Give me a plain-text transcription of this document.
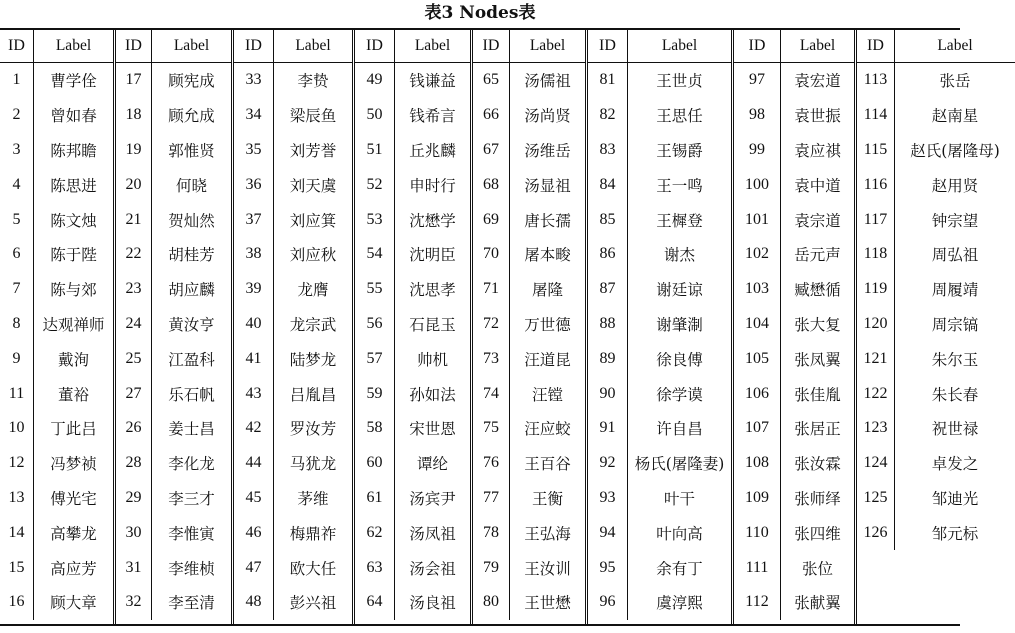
表3 Nodes表
ID	Label
1	曹学佺
2	曾如春
3	陈邦瞻
4	陈思进
5	陈文烛
6	陈于陛
7	陈与郊
8	达观禅师
9	戴洵
11	董裕
10	丁此吕
12	冯梦祯
13	傅光宅
14	高攀龙
15	高应芳
16	顾大章
ID	Label
17	顾宪成
18	顾允成
19	郭惟贤
20	何晓
21	贺灿然
22	胡桂芳
23	胡应麟
24	黄汝亨
25	江盈科
27	乐石帆
26	姜士昌
28	李化龙
29	李三才
30	李惟寅
31	李维桢
32	李至清
ID	Label
33	李贽
34	梁辰鱼
35	刘芳誉
36	刘天虞
37	刘应箕
38	刘应秋
39	龙膺
40	龙宗武
41	陆梦龙
43	吕胤昌
42	罗汝芳
44	马犹龙
45	茅维
46	梅鼎祚
47	欧大任
48	彭兴祖
ID	Label
49	钱谦益
50	钱希言
51	丘兆麟
52	申时行
53	沈懋学
54	沈明臣
55	沈思孝
56	石昆玉
57	帅机
59	孙如法
58	宋世恩
60	谭纶
61	汤宾尹
62	汤凤祖
63	汤会祖
64	汤良祖
ID	Label
65	汤儒祖
66	汤尚贤
67	汤维岳
68	汤显祖
69	唐长孺
70	屠本畯
71	屠隆
72	万世德
73	汪道昆
74	汪镗
75	汪应蛟
76	王百谷
77	王衡
78	王弘海
79	王汝训
80	王世懋
ID	Label
81	王世贞
82	王思任
83	王锡爵
84	王一鸣
85	王樨登
86	谢杰
87	谢廷谅
88	谢肇淛
89	徐良傅
90	徐学谟
91	许自昌
92	杨氏(屠隆妻)
93	叶干
94	叶向高
95	余有丁
96	虞淳熙
ID	Label
97	袁宏道
98	袁世振
99	袁应祺
100	袁中道
101	袁宗道
102	岳元声
103	臧懋循
104	张大复
105	张凤翼
106	张佳胤
107	张居正
108	张汝霖
109	张师绎
110	张四维
111	张位
112	张献翼
ID	Label
113	张岳
114	赵南星
115	赵氏(屠隆母)
116	赵用贤
117	钟宗望
118	周弘祖
119	周履靖
120	周宗镐
121	朱尔玉
122	朱长春
123	祝世禄
124	卓发之
125	邹迪光
126	邹元标
